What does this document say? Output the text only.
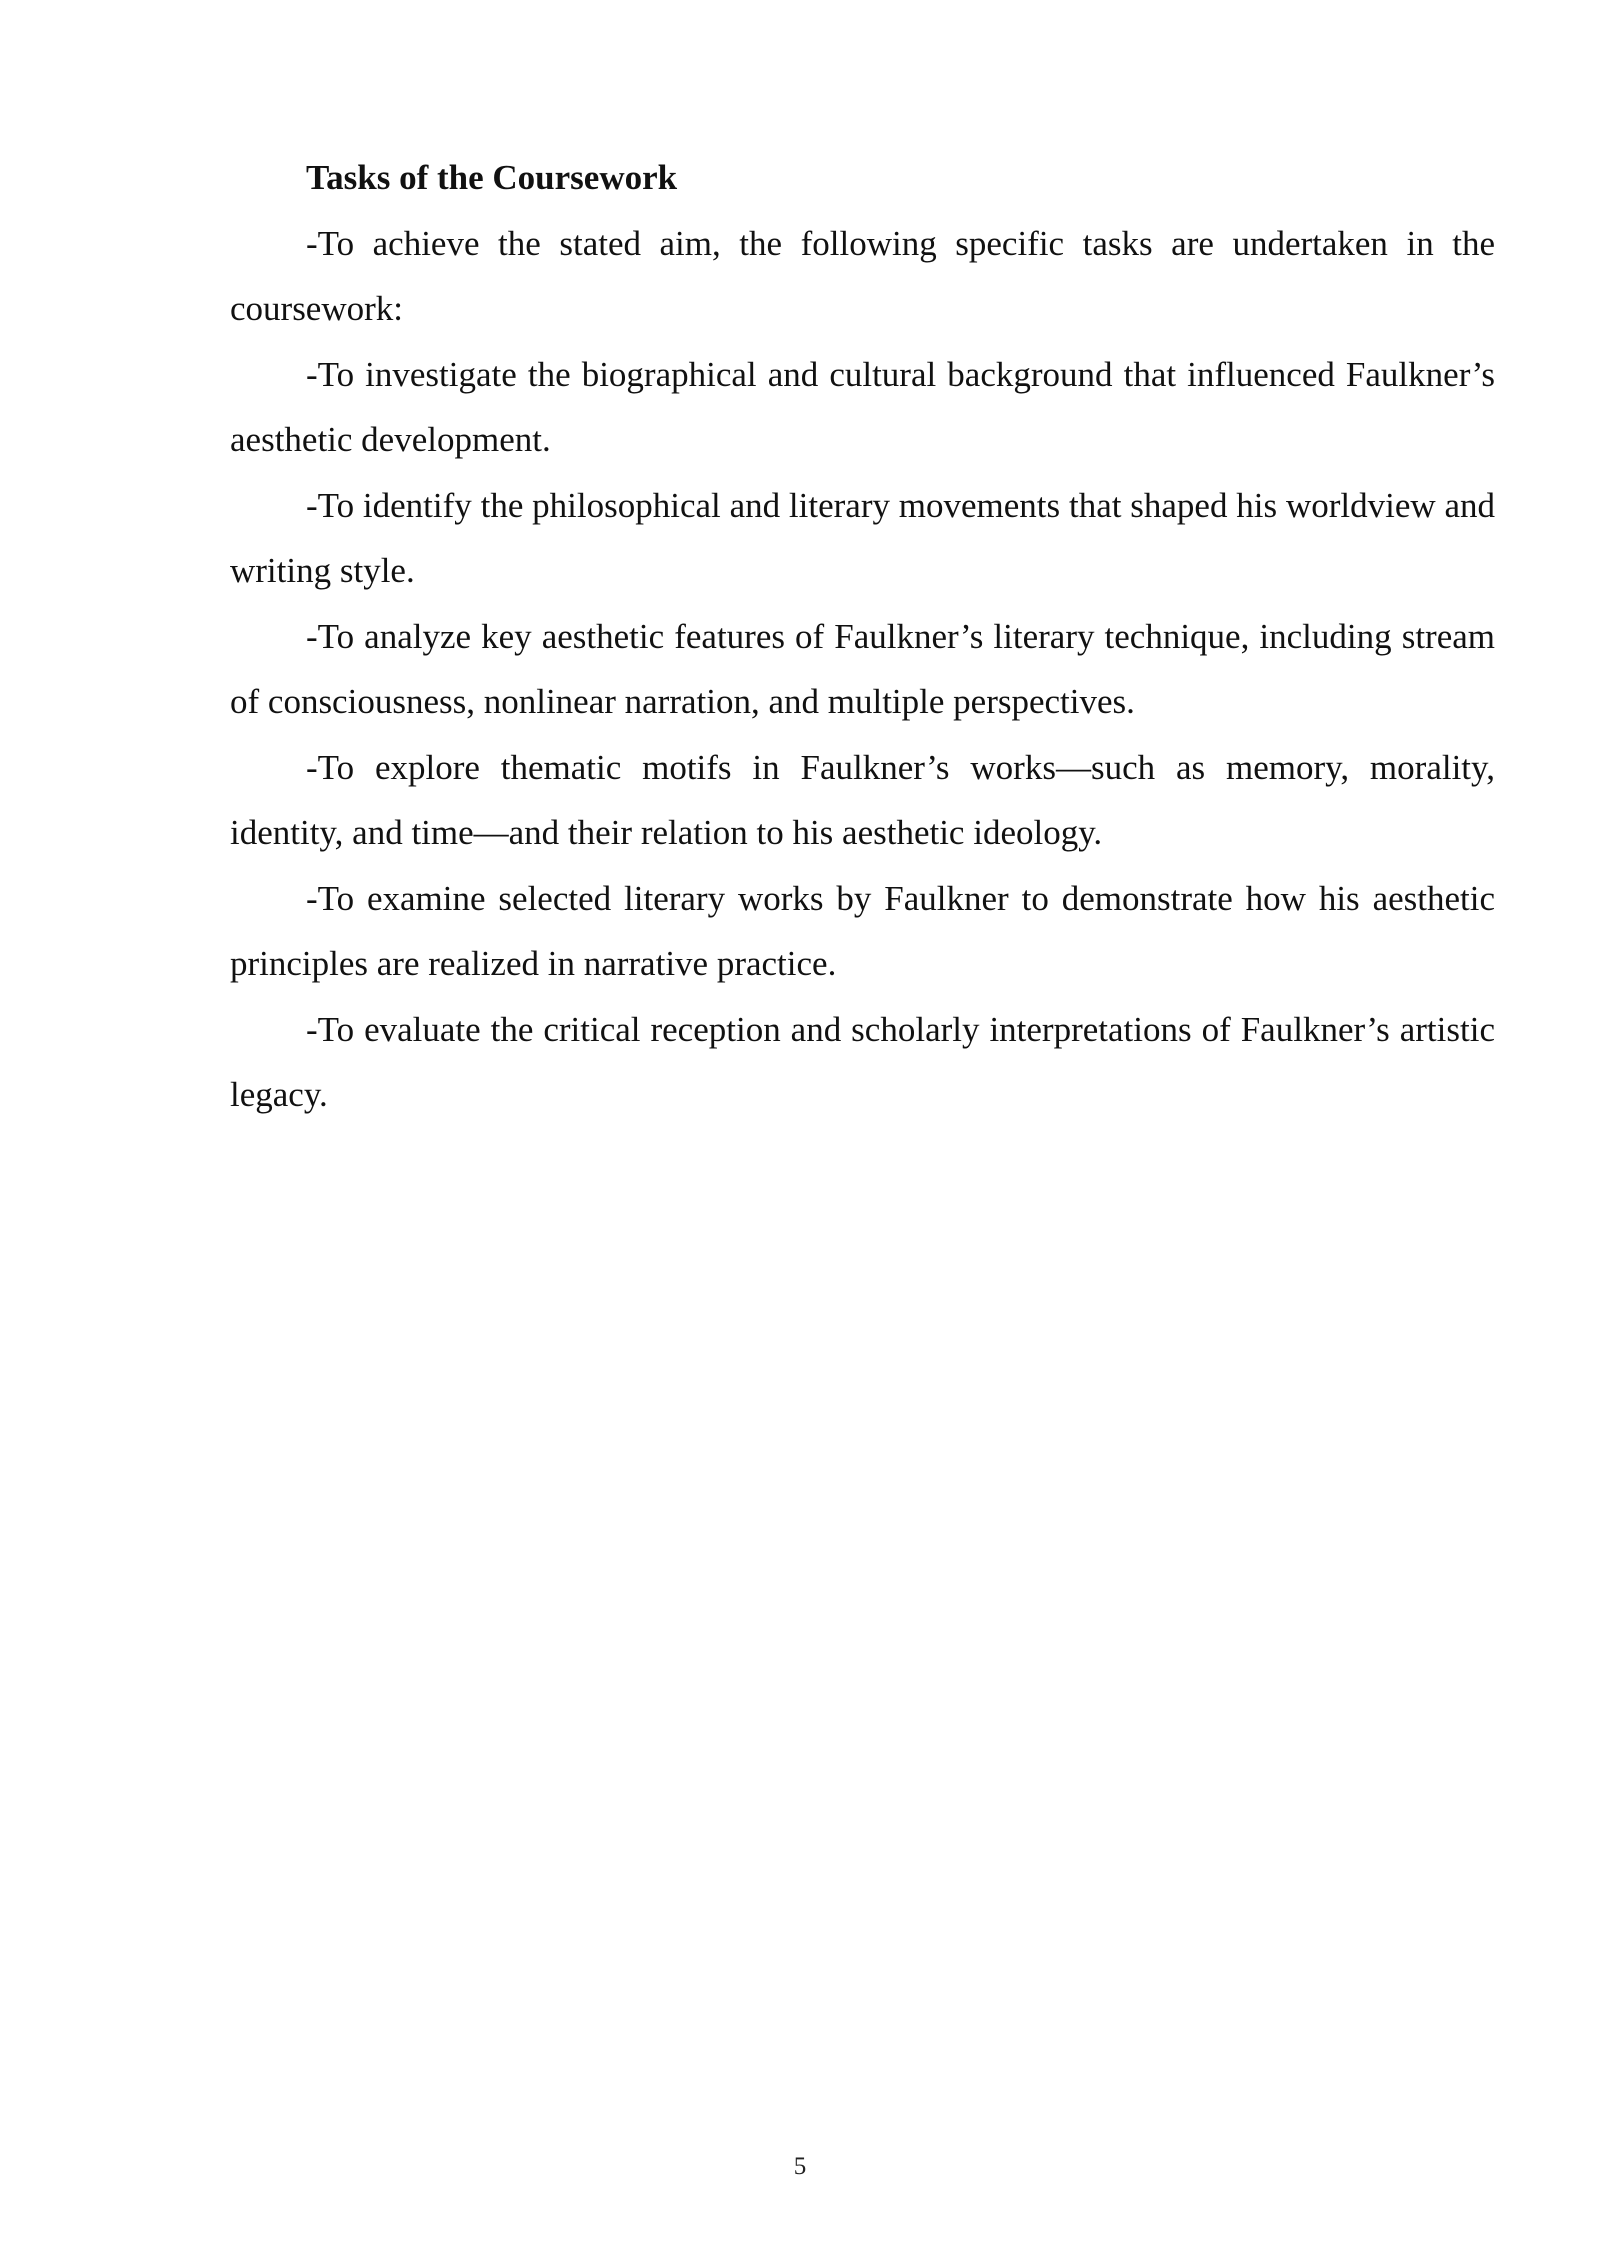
Tasks of the Coursework

-To achieve the stated aim, the following specific tasks are undertaken in the coursework:

-To investigate the biographical and cultural background that influenced Faulkner’s aesthetic development.

-To identify the philosophical and literary movements that shaped his worldview and writing style.

-To analyze key aesthetic features of Faulkner’s literary technique, including stream of consciousness, nonlinear narration, and multiple perspectives.

-To explore thematic motifs in Faulkner’s works—such as memory, morality, identity, and time—and their relation to his aesthetic ideology.

-To examine selected literary works by Faulkner to demonstrate how his aesthetic principles are realized in narrative practice.

-To evaluate the critical reception and scholarly interpretations of Faulkner’s artistic legacy.

5
